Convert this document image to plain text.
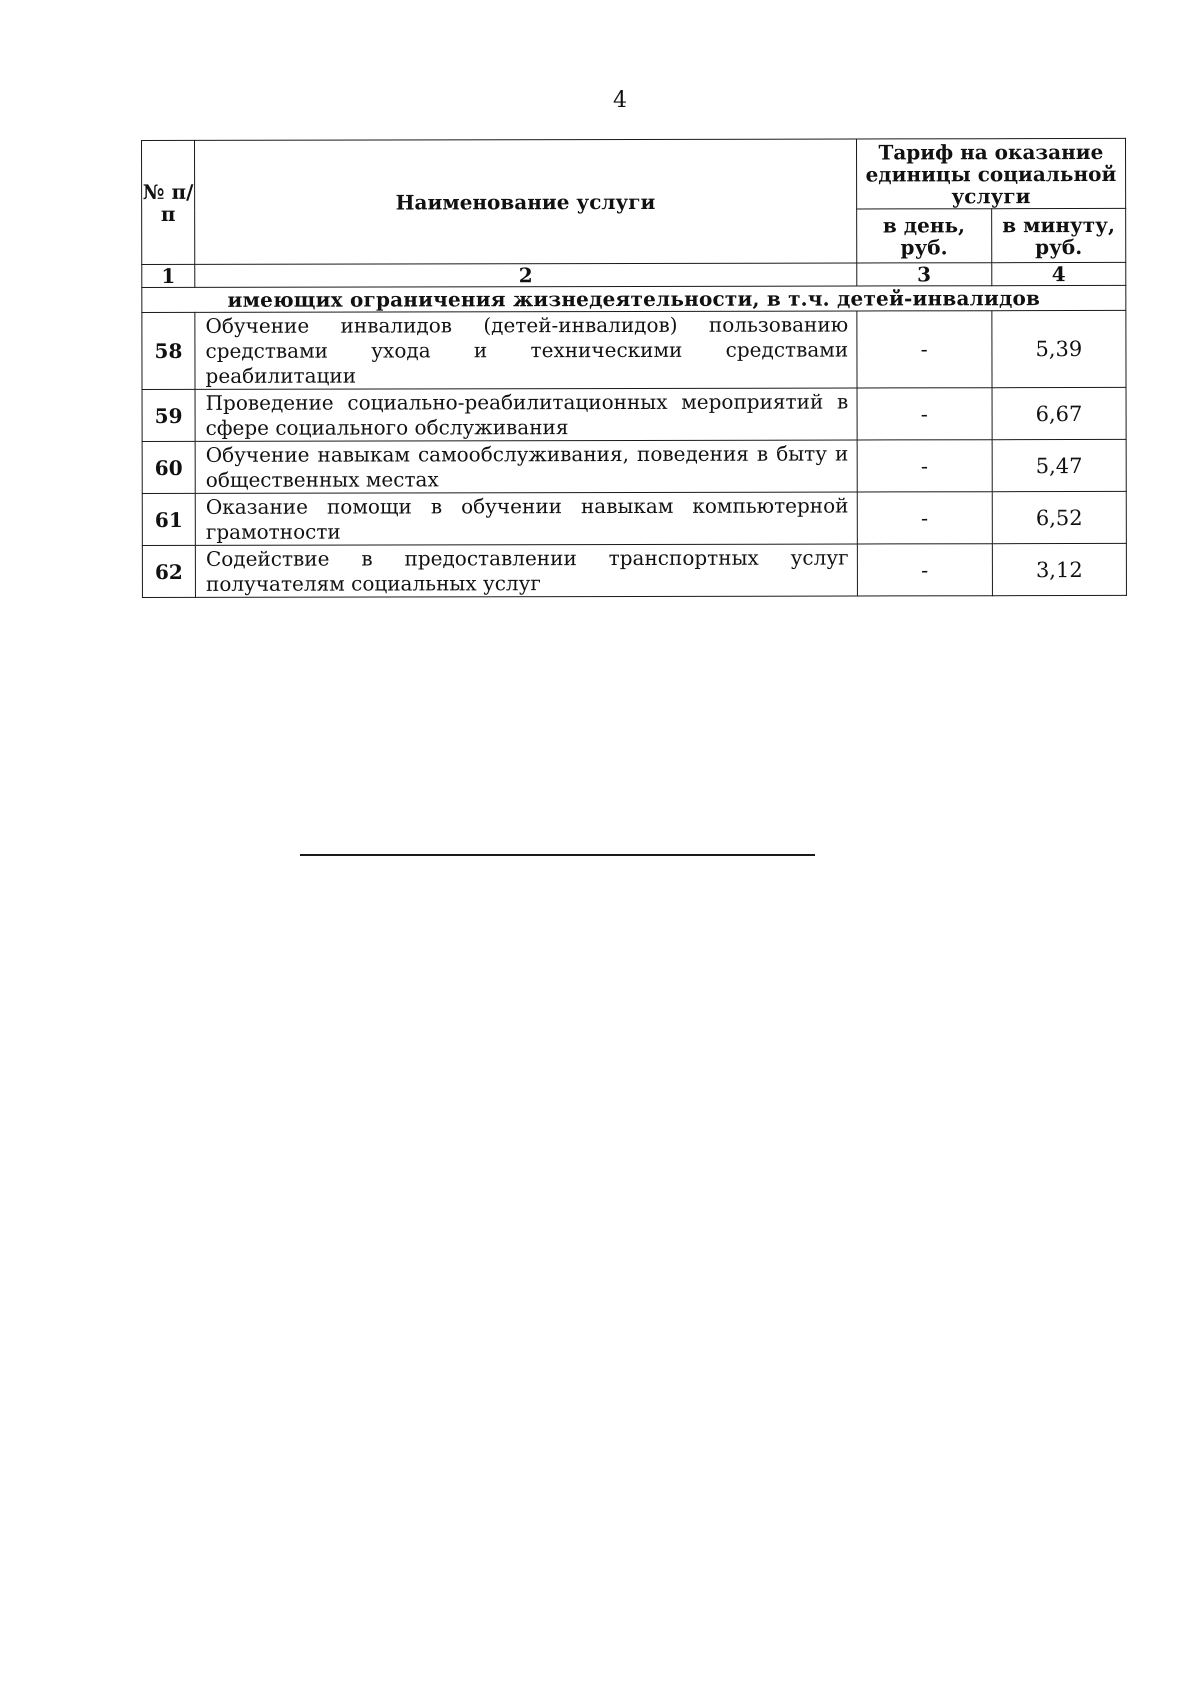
4
№ п/п	Наименование услуги	Тариф на оказание единицы социальной услуги	
		в день, руб.	в минуту, руб.
1	2	3	4
имеющих ограничения жизнедеятельности, в т.ч. детей-инвалидов			
58	Обучение инвалидов (детей-инвалидов) пользованию средствами ухода и техническими средствами реабилитации	-	5,39
59	Проведение социально-реабилитационных мероприятий в сфере социального обслуживания	-	6,67
60	Обучение навыкам самообслуживания, поведения в быту и общественных местах	-	5,47
61	Оказание помощи в обучении навыкам компьютерной грамотности	-	6,52
62	Содействие в предоставлении транспортных услуг получателям социальных услуг	-	3,12
